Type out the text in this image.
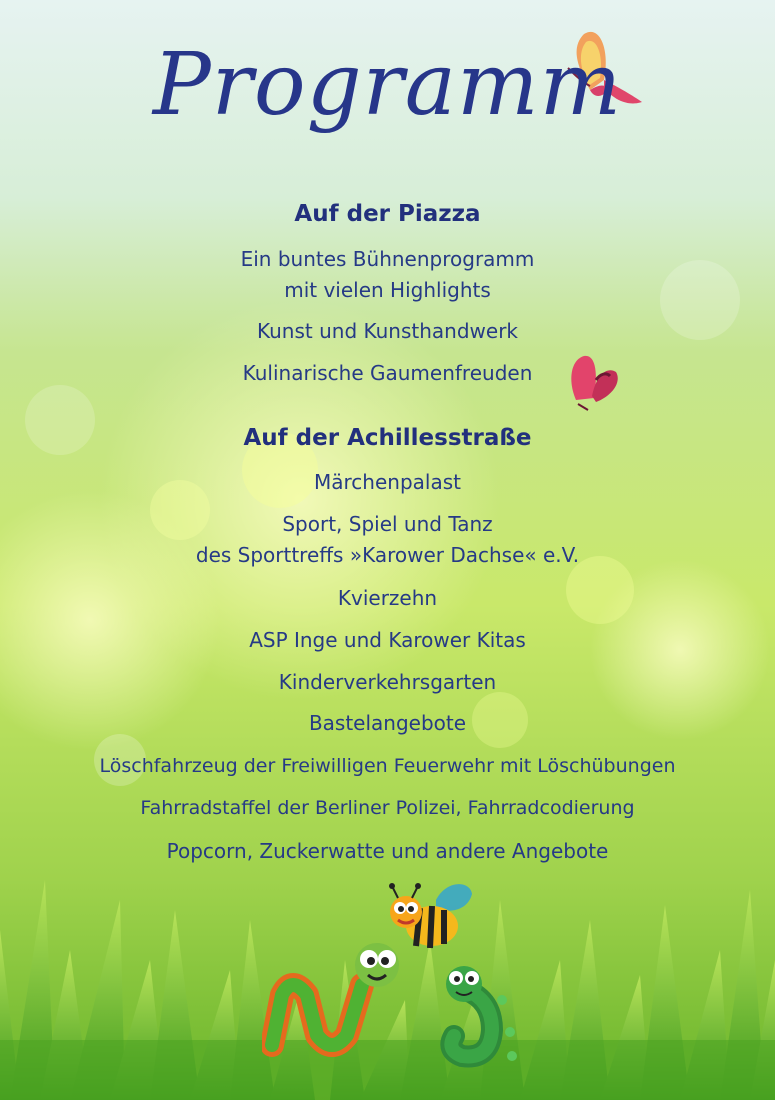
Programm
Auf der Piazza
Ein buntes Bühnenprogramm
mit vielen Highlights
Kunst und Kunsthandwerk
Kulinarische Gaumenfreuden
Auf der Achillesstraße
Märchenpalast
Sport, Spiel und Tanz
des Sporttreffs »Karower Dachse« e.V.
Kvierzehn
ASP Inge und Karower Kitas
Kinderverkehrsgarten
Bastelangebote
Löschfahrzeug der Freiwilligen Feuerwehr mit Löschübungen
Fahrradstaffel der Berliner Polizei, Fahrradcodierung
Popcorn, Zuckerwatte und andere Angebote
